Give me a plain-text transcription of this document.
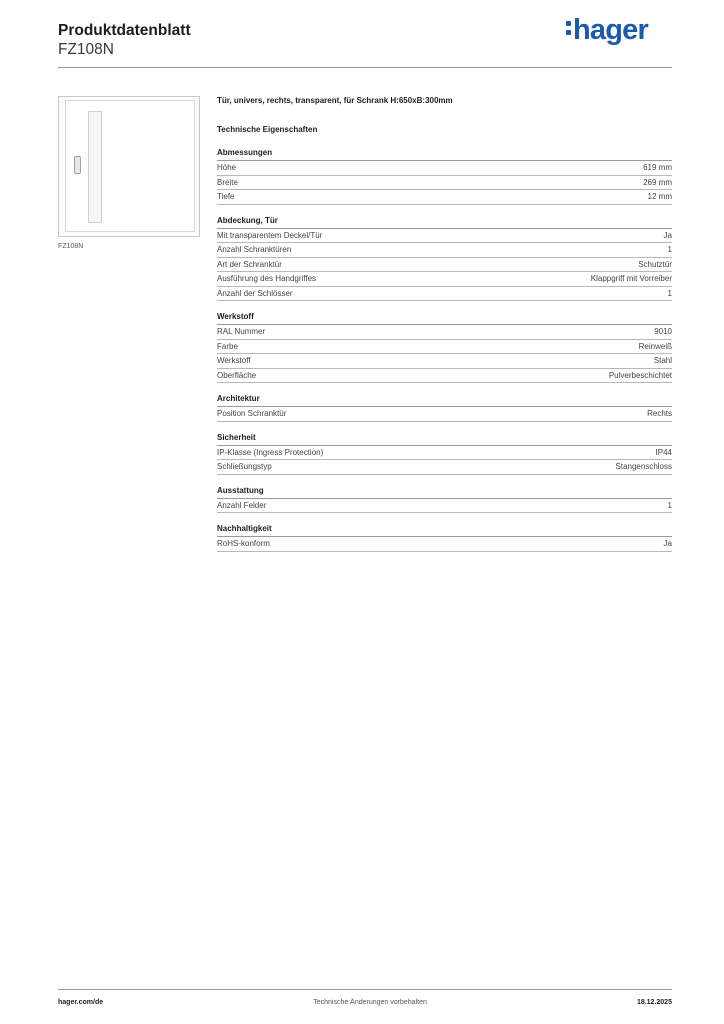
Produktdatenblatt
FZ108N
hager
FZ108N
Tür, univers, rechts, transparent, für Schrank H:650xB:300mm
Technische Eigenschaften
Abmessungen
Höhe	619 mm
Breite	269 mm
Tiefe	12 mm
Abdeckung, Tür
Mit transparentem Deckel/Tür	Ja
Anzahl Schranktüren	1
Art der Schranktür	Schutztür
Ausführung des Handgriffes	Klappgriff mit Vorreiber
Anzahl der Schlösser	1
Werkstoff
RAL Nummer	9010
Farbe	Reinweiß
Werkstoff	Stahl
Oberfläche	Pulverbeschichtet
Architektur
Position Schranktür	Rechts
Sicherheit
IP-Klasse (Ingress Protection)	IP44
Schließungstyp	Stangenschloss
Ausstattung
Anzahl Felder	1
Nachhaltigkeit
RoHS-konform	Ja
hager.com/de	Technische Änderungen vorbehalten	18.12.2025
